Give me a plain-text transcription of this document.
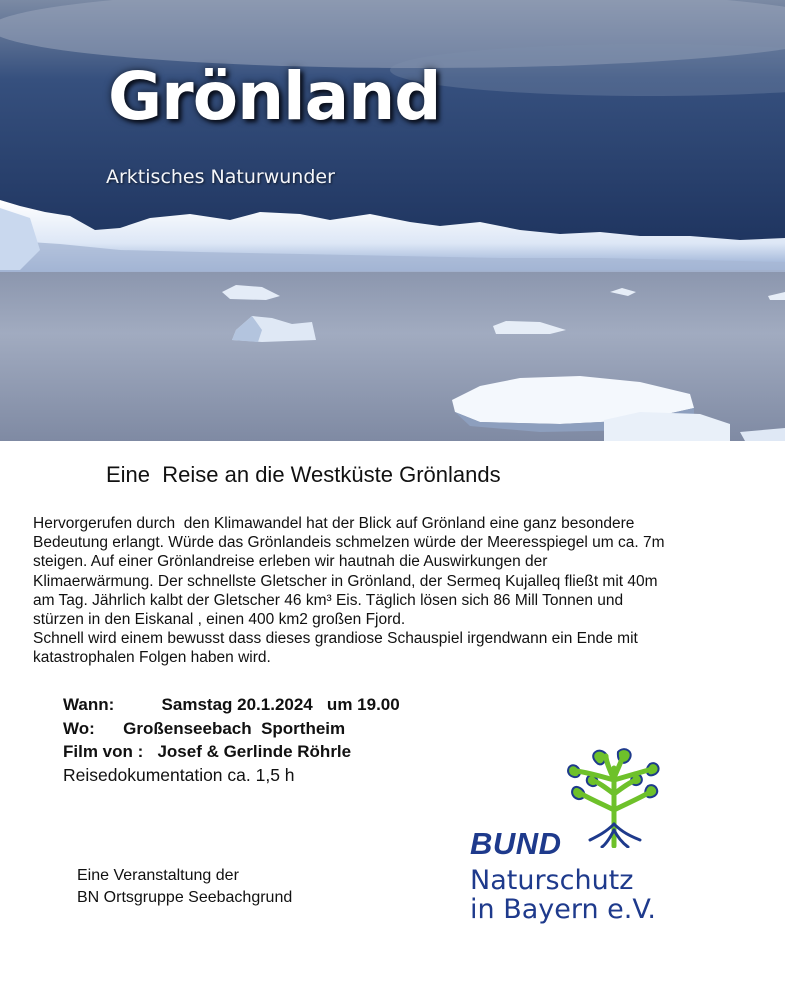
Grönland
Arktisches Naturwunder
Eine  Reise an die Westküste Grönlands
Hervorgerufen durch  den Klimawandel hat der Blick auf Grönland eine ganz besondere
Bedeutung erlangt. Würde das Grönlandeis schmelzen würde der Meeresspiegel um ca. 7m
steigen. Auf einer Grönlandreise erleben wir hautnah die Auswirkungen der
Klimaerwärmung. Der schnellste Gletscher in Grönland, der Sermeq Kujalleq fließt mit 40m
am Tag. Jährlich kalbt der Gletscher 46 km³ Eis. Täglich lösen sich 86 Mill Tonnen und
stürzen in den Eiskanal , einen 400 km2 großen Fjord.
Schnell wird einem bewusst dass dieses grandiose Schauspiel irgendwann ein Ende mit
katastrophalen Folgen haben wird.
Wann:	Samstag 20.1.2024   um 19.00
Wo: Großenseebach  Sportheim
Film von : Josef & Gerlinde Röhrle
Reisedokumentation ca. 1,5 h
Eine Veranstaltung der
BN Ortsgruppe Seebachgrund
BUND
Naturschutz
in Bayern e.V.
